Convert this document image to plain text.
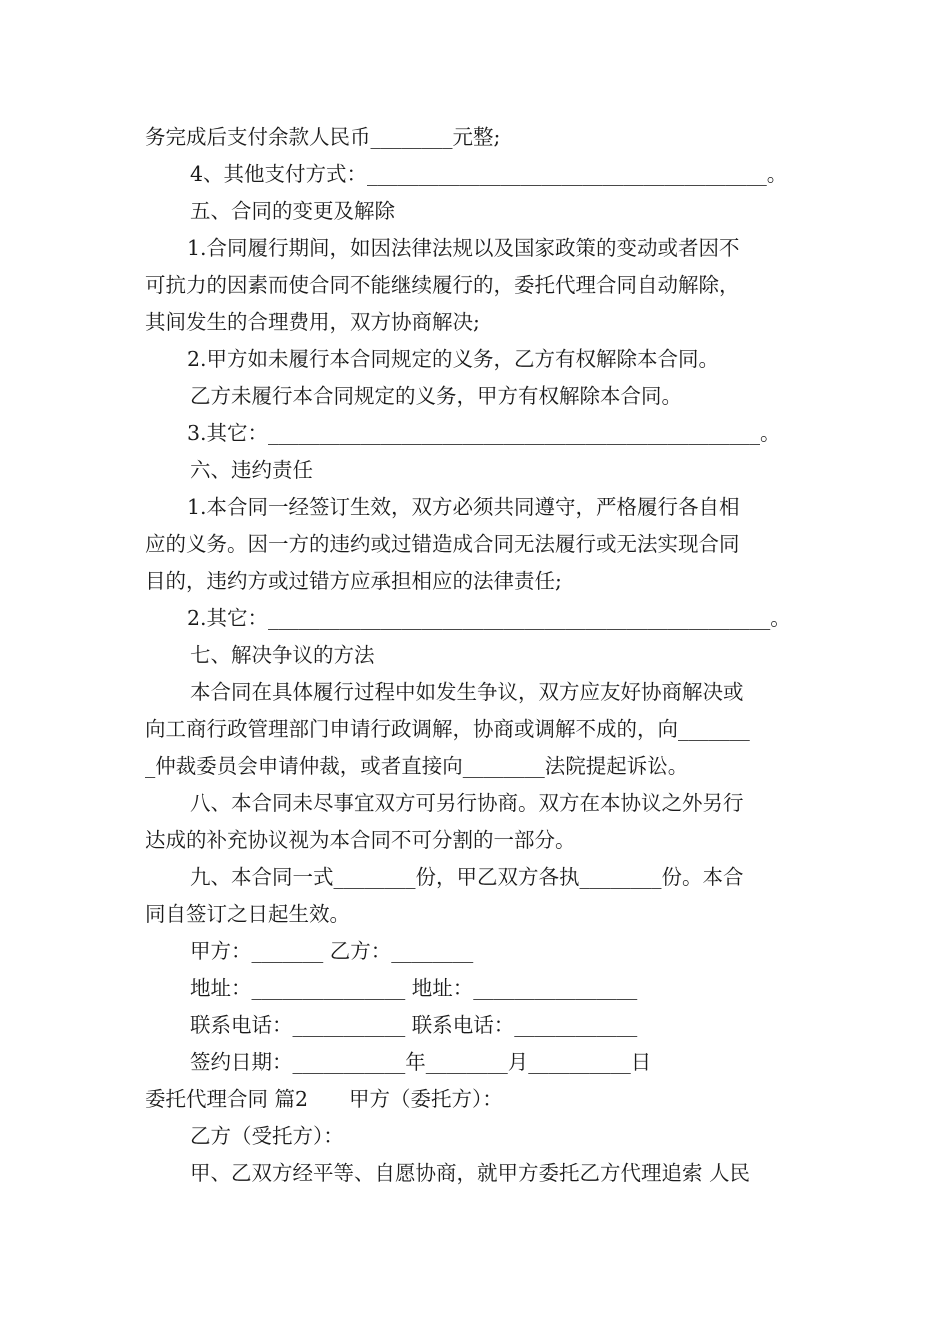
务完成后支付余款人民币________元整;
4、其他支付方式：_______________________________________。
五、合同的变更及解除
1.合同履行期间，如因法律法规以及国家政策的变动或者因不
可抗力的因素而使合同不能继续履行的，委托代理合同自动解除，
其间发生的合理费用，双方协商解决;
2.甲方如未履行本合同规定的义务，乙方有权解除本合同。
乙方未履行本合同规定的义务，甲方有权解除本合同。
3.其它：________________________________________________。
六、违约责任
1.本合同一经签订生效，双方必须共同遵守，严格履行各自相
应的义务。因一方的违约或过错造成合同无法履行或无法实现合同
目的，违约方或过错方应承担相应的法律责任;
2.其它：_________________________________________________。
七、解决争议的方法
本合同在具体履行过程中如发生争议，双方应友好协商解决或
向工商行政管理部门申请行政调解，协商或调解不成的，向_______
_仲裁委员会申请仲裁，或者直接向________法院提起诉讼。
八、本合同未尽事宜双方可另行协商。双方在本协议之外另行
达成的补充协议视为本合同不可分割的一部分。
九、本合同一式________份，甲乙双方各执________份。本合
同自签订之日起生效。
甲方：_______ 乙方：________
地址：_______________ 地址：________________
联系电话：___________ 联系电话：____________
签约日期：___________年________月__________日
委托代理合同 篇2　　甲方（委托方）：
乙方（受托方）：
甲、乙双方经平等、自愿协商，就甲方委托乙方代理追索 人民
